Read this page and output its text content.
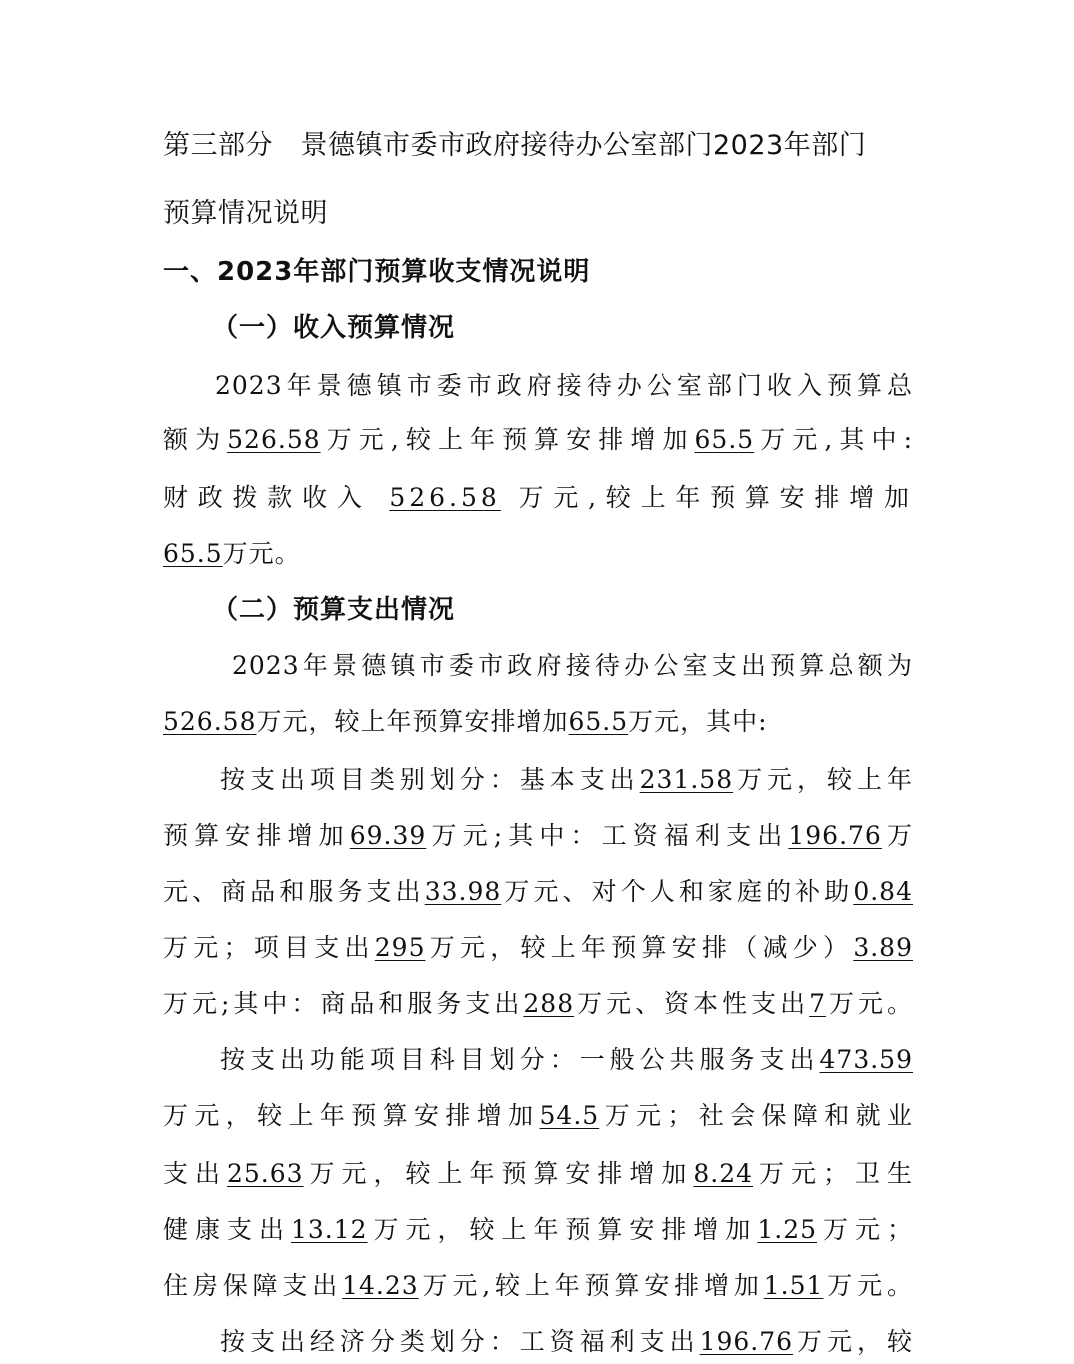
第三部分　景德镇市委市政府接待办公室部门2023年部门
预算情况说明
一、2023年部门预算收支情况说明
（一）收入预算情况
2023年景德镇市委市政府接待办公室部门收入预算总
额为526.58万元,较上年预算安排增加65.5万元,其中:
财政拨款收入 526.58 万元,较上年预算安排增加
65.5万元。
（二）预算支出情况
2023年景德镇市委市政府接待办公室支出预算总额为
526.58万元，较上年预算安排增加65.5万元，其中:
按支出项目类别划分：基本支出231.58万元，较上年
预算安排增加69.39万元;其中：工资福利支出196.76万
元、商品和服务支出33.98万元、对个人和家庭的补助0.84
万元；项目支出295万元，较上年预算安排（减少）3.89
万元;其中：商品和服务支出288万元、资本性支出7万元。
按支出功能项目科目划分：一般公共服务支出473.59
万元，较上年预算安排增加54.5万元；社会保障和就业
支出25.63万元，较上年预算安排增加8.24万元；卫生
健康支出13.12万元，较上年预算安排增加1.25万元；
住房保障支出14.23万元,较上年预算安排增加1.51万元。
按支出经济分类划分：工资福利支出196.76万元，较
